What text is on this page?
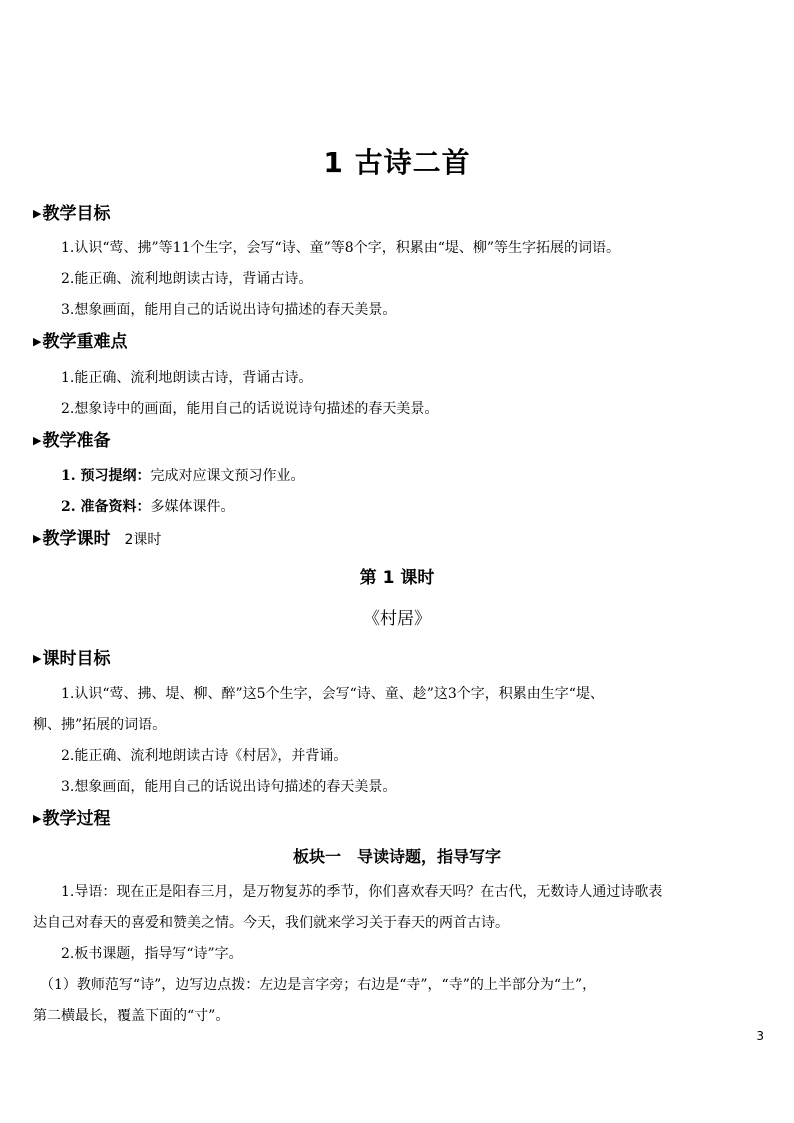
1 古诗二首
▶教学目标
1.认识“莺、拂”等11个生字，会写“诗、童”等8个字，积累由“堤、柳”等生字拓展的词语。
2.能正确、流利地朗读古诗，背诵古诗。
3.想象画面，能用自己的话说出诗句描述的春天美景。
▶教学重难点
1.能正确、流利地朗读古诗，背诵古诗。
2.想象诗中的画面，能用自己的话说说诗句描述的春天美景。
▶教学准备
1. 预习提纲：完成对应课文预习作业。
2. 准备资料：多媒体课件。
▶教学课时 2课时
第 1 课时
《村居》
▶课时目标
1.认识“莺、拂、堤、柳、醉”这5个生字，会写“诗、童、趁”这3个字，积累由生字“堤、
柳、拂”拓展的词语。
2.能正确、流利地朗读古诗《村居》，并背诵。
3.想象画面，能用自己的话说出诗句描述的春天美景。
▶教学过程
板块一　导读诗题，指导写字
1.导语：现在正是阳春三月，是万物复苏的季节，你们喜欢春天吗？在古代，无数诗人通过诗歌表
达自己对春天的喜爱和赞美之情。今天，我们就来学习关于春天的两首古诗。
2.板书课题，指导写“诗”字。
（1）教师范写“诗”，边写边点拨：左边是言字旁；右边是“寺”，“寺”的上半部分为“土”，
第二横最长，覆盖下面的“寸”。
3
